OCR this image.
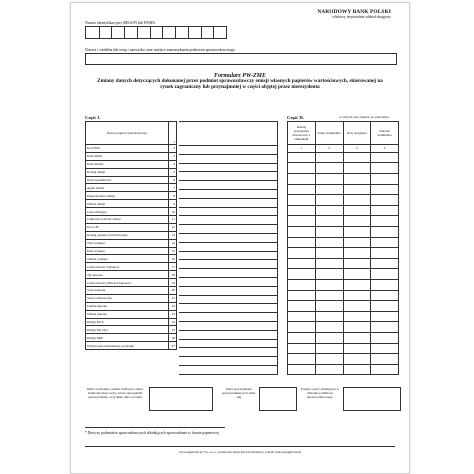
NARODOWY BANK POLSKI
właściwy terytorialnie oddział okręgowy
Numer identyfikacyjny REGON lub PESEL
Nazwa i siedziba lub imię i nazwisko oraz miejsce zamieszkania podmiotu sprawozdawczego
Formularz PW-ZME
Zmiany danych dotyczących dokonanej przez podmiot sprawozdawczy emisji własnych papierów wartościowych, skierowanej na rynek zagraniczny lub przynajmniej w części objętej przez nierezydenta
Część I.
Nazwa papieru wartościowego	1
Kod ISIN	2
Data emisji	3
Data zmiany	4
Rodzaj emisji	5
Data zapadalności	6
Agent emisji	7
Depozytariusz emisji	8
Waluta emisji	9
Cena emisyjna	10
Całkowita wartość emisji	11
Kod CFI	12
Rodzaj papieru wartościowego	13
Tryb wykupu	14
Data wykupu	15
Waluta wykupu	16
Częstotliwość wykupów	17
Typ kuponu	18
Częstotliwość płatności kuponów	19
Stopa kuponu	20
Stopa referencyjna	21
Premia kuponu	22
Waluta kuponu	23
Rating Fitch	24
Rating Moody's	25
Rating S&P	26
Wbudowane instrumenty pochodne	27
Część II.	w złotych, bez znaków po przecinku
Rodzaj powiązania inwestorów z emitentem	Saldo nominalnie	Kraj rezydenta	Wartość nominalna
1	2	3	4

Imię i nazwisko, numer telefonu i adres elektronicznej osoby, która sporządziła sprawozdanie, a (i) także data i podpis
Data sporządzenia sprawozdania (rrrr-mm-dd)
Podpis osoby działającej w imieniu podmiotu sprawozdawczego
* Dotyczy podmiotów sprawozdawczych składających sprawozdanie w formie papierowej.
www.signform.pl ®p. s.o.o., producent aktywnych formularzy, e-mail: biuro@signform.pl
